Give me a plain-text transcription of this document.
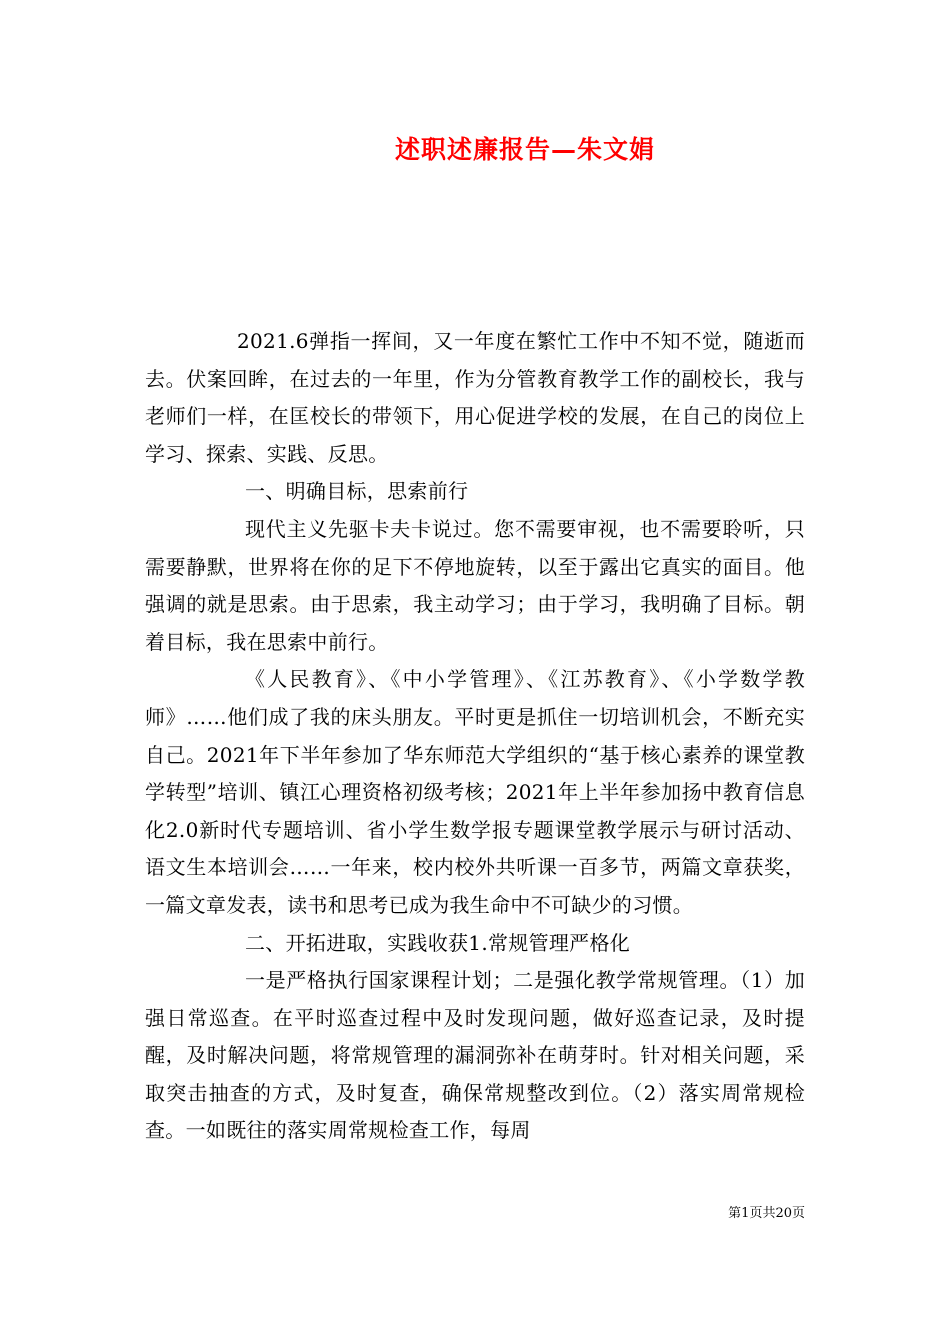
述职述廉报告—朱文娟

2021.6弹指一挥间，又一年度在繁忙工作中不知不觉，随逝而去。伏案回眸，在过去的一年里，作为分管教育教学工作的副校长，我与老师们一样，在匡校长的带领下，用心促进学校的发展，在自己的岗位上学习、探索、实践、反思。

一、明确目标，思索前行

现代主义先驱卡夫卡说过。您不需要审视，也不需要聆听，只需要静默，世界将在你的足下不停地旋转，以至于露出它真实的面目。他强调的就是思索。由于思索，我主动学习；由于学习，我明确了目标。朝着目标，我在思索中前行。

《人民教育》、《中小学管理》、《江苏教育》、《小学数学教师》……他们成了我的床头朋友。平时更是抓住一切培训机会，不断充实自己。2021年下半年参加了华东师范大学组织的“基于核心素养的课堂教学转型”培训、镇江心理资格初级考核；2021年上半年参加扬中教育信息化2.0新时代专题培训、省小学生数学报专题课堂教学展示与研讨活动、语文生本培训会……一年来，校内校外共听课一百多节，两篇文章获奖，一篇文章发表，读书和思考已成为我生命中不可缺少的习惯。

二、开拓进取，实践收获1.常规管理严格化

一是严格执行国家课程计划；二是强化教学常规管理。（1）加强日常巡查。在平时巡查过程中及时发现问题，做好巡查记录，及时提醒，及时解决问题，将常规管理的漏洞弥补在萌芽时。针对相关问题，采取突击抽查的方式，及时复查，确保常规整改到位。（2）落实周常规检查。一如既往的落实周常规检查工作，每周

第1页共20页
